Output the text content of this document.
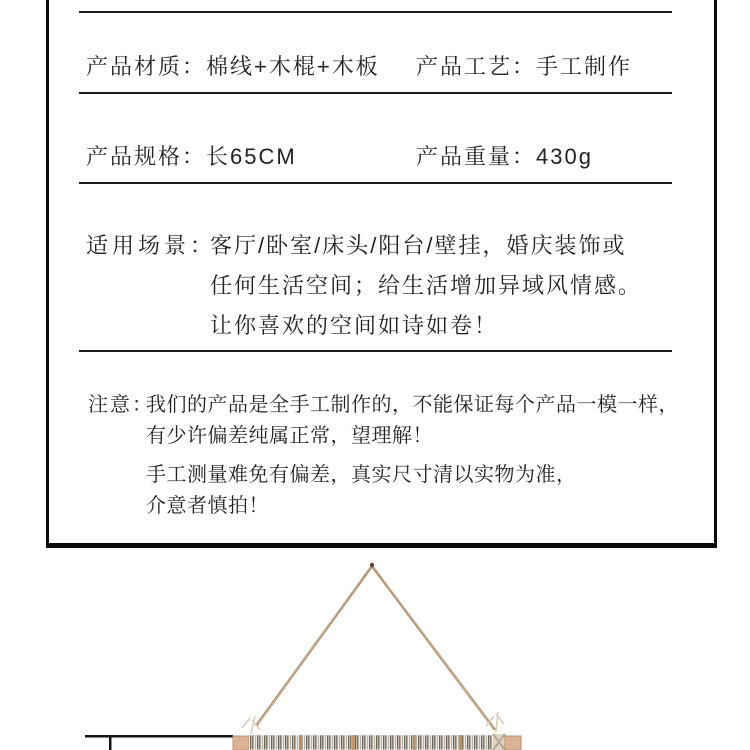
产品材质：棉线+木棍+木板 产品工艺：手工制作
产品规格：长65CM	产品重量：430g
适用场景：
客厅/卧室/床头/阳台/壁挂，婚庆装饰或
任何生活空间；给生活增加异域风情感。
让你喜欢的空间如诗如卷！
注意：
我们的产品是全手工制作的，不能保证每个产品一模一样，
有少许偏差纯属正常，望理解！
手工测量难免有偏差，真实尺寸清以实物为准，
介意者慎拍！
